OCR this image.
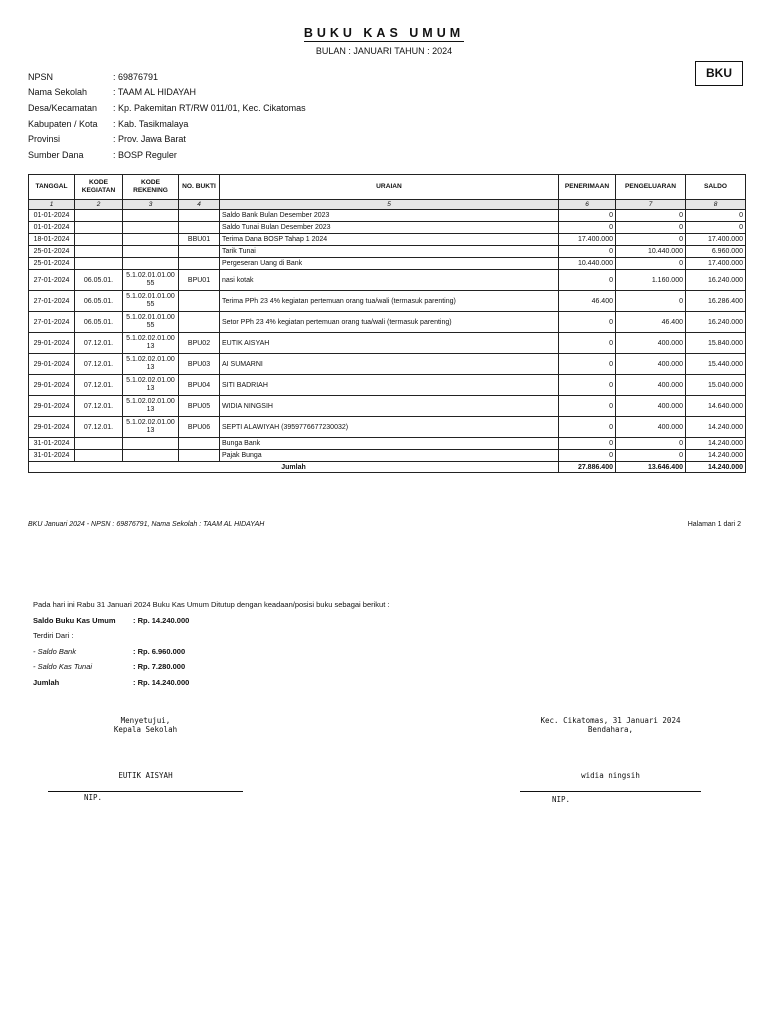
BUKU KAS UMUM
BULAN : JANUARI TAHUN : 2024
BKU
NPSN	: 69876791
Nama Sekolah	: TAAM AL HIDAYAH
Desa/Kecamatan	: Kp. Pakemitan RT/RW 011/01, Kec. Cikatomas
Kabupaten / Kota	: Kab. Tasikmalaya
Provinsi	: Prov. Jawa Barat
Sumber Dana	: BOSP Reguler
TANGGAL	KODE KEGIATAN	KODE REKENING	NO. BUKTI	URAIAN	PENERIMAAN	PENGELUARAN	SALDO
1	2	3	4	5	6	7	8
01-01-2024				Saldo Bank Bulan Desember 2023	0	0	0
01-01-2024				Saldo Tunai Bulan Desember 2023	0	0	0
18-01-2024			BBU01	Terima Dana BOSP Tahap 1 2024	17.400.000	0	17.400.000
25-01-2024				Tarik Tunai	0	10.440.000	6.960.000
25-01-2024				Pergeseran Uang di Bank	10.440.000	0	17.400.000
27-01-2024	06.05.01.	5.1.02.01.01.00 55	BPU01	nasi kotak	0	1.160.000	16.240.000
27-01-2024	06.05.01.	5.1.02.01.01.00 55		Terima PPh 23 4% kegiatan pertemuan orang tua/wali (termasuk parenting)	46.400	0	16.286.400
27-01-2024	06.05.01.	5.1.02.01.01.00 55		Setor PPh 23 4% kegiatan pertemuan orang tua/wali (termasuk parenting)	0	46.400	16.240.000
29-01-2024	07.12.01.	5.1.02.02.01.00 13	BPU02	EUTIK AISYAH	0	400.000	15.840.000
29-01-2024	07.12.01.	5.1.02.02.01.00 13	BPU03	AI SUMARNI	0	400.000	15.440.000
29-01-2024	07.12.01.	5.1.02.02.01.00 13	BPU04	SITI BADRIAH	0	400.000	15.040.000
29-01-2024	07.12.01.	5.1.02.02.01.00 13	BPU05	WIDIA NINGSIH	0	400.000	14.640.000
29-01-2024	07.12.01.	5.1.02.02.01.00 13	BPU06	SEPTI ALAWIYAH (3959776677230032)	0	400.000	14.240.000
31-01-2024				Bunga Bank	0	0	14.240.000
31-01-2024				Pajak Bunga	0	0	14.240.000
Jumlah					27.886.400	13.646.400	14.240.000
BKU Januari 2024 - NPSN : 69876791, Nama Sekolah : TAAM AL HIDAYAH	Halaman 1 dari 2
Pada hari ini Rabu 31 Januari 2024 Buku Kas Umum Ditutup dengan keadaan/posisi buku sebagai berikut :
Saldo Buku Kas Umum	: Rp. 14.240.000
Terdiri Dari :
- Saldo Bank	: Rp. 6.960.000
- Saldo Kas Tunai	: Rp. 7.280.000
Jumlah	: Rp. 14.240.000
Menyetujui,
Kepala Sekolah
EUTIK AISYAH
NIP.
Kec. Cikatomas, 31 Januari 2024
Bendahara,
widia ningsih
NIP.
